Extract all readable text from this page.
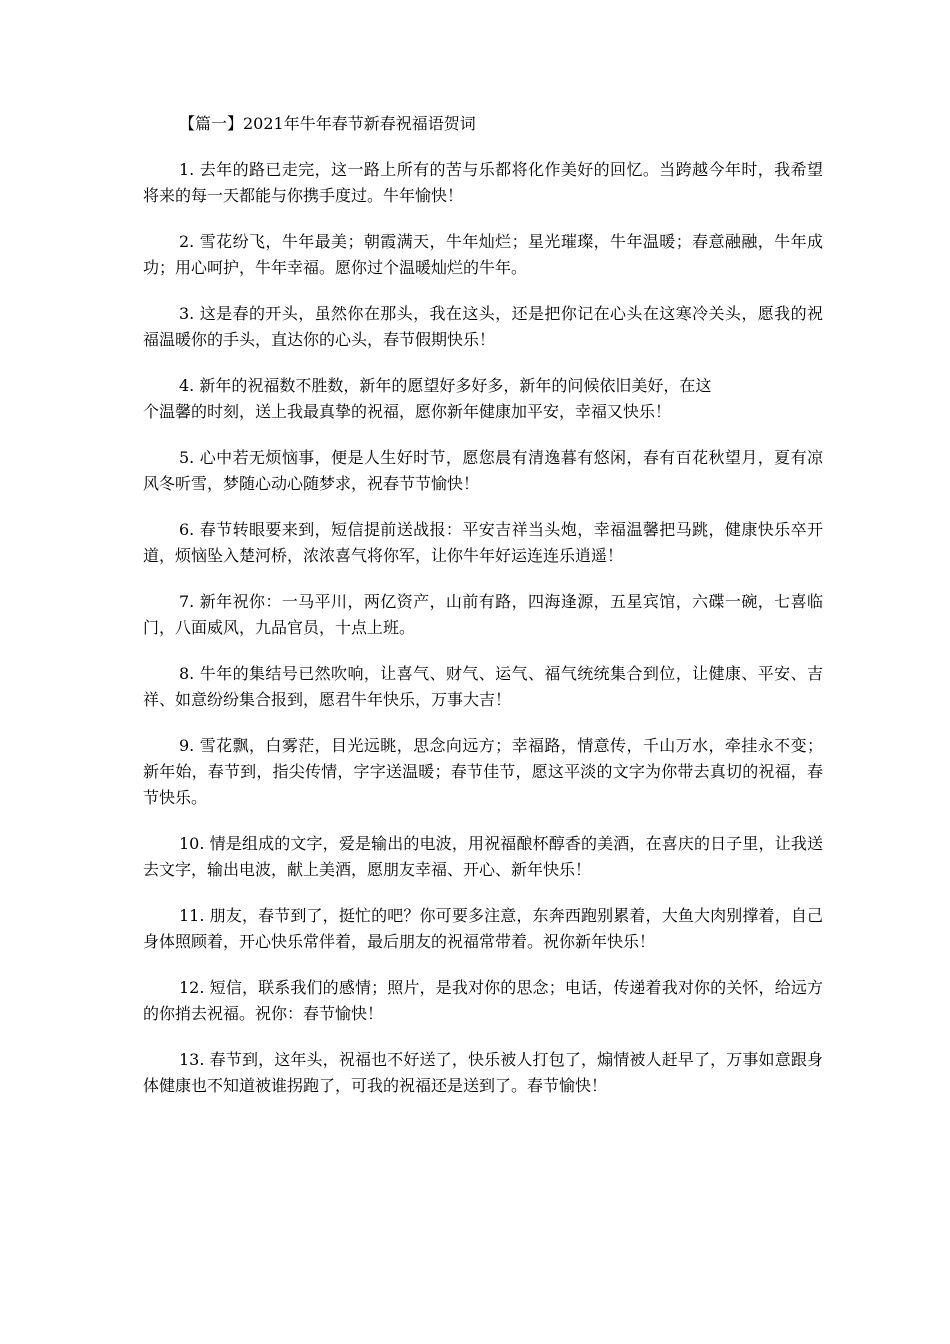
【篇一】2021年牛年春节新春祝福语贺词

1. 去年的路已走完，这一路上所有的苦与乐都将化作美好的回忆。当跨越今年时，我希望将来的每一天都能与你携手度过。牛年愉快！

2. 雪花纷飞，牛年最美；朝霞满天，牛年灿烂；星光璀璨，牛年温暖；春意融融，牛年成功；用心呵护，牛年幸福。愿你过个温暖灿烂的牛年。

3. 这是春的开头，虽然你在那头，我在这头，还是把你记在心头在这寒冷关头，愿我的祝福温暖你的手头，直达你的心头，春节假期快乐！

4. 新年的祝福数不胜数，新年的愿望好多好多，新年的问候依旧美好，在这
个温馨的时刻，送上我最真挚的祝福，愿你新年健康加平安，幸福又快乐！

5. 心中若无烦恼事，便是人生好时节，愿您晨有清逸暮有悠闲，春有百花秋望月，夏有凉风冬听雪，梦随心动心随梦求，祝春节节愉快！

6. 春节转眼要来到，短信提前送战报：平安吉祥当头炮，幸福温馨把马跳，健康快乐卒开道，烦恼坠入楚河桥，浓浓喜气将你军，让你牛年好运连连乐逍遥！

7. 新年祝你：一马平川，两亿资产，山前有路，四海逢源，五星宾馆，六碟一碗，七喜临门，八面威风，九品官员，十点上班。

8. 牛年的集结号已然吹响，让喜气、财气、运气、福气统统集合到位，让健康、平安、吉祥、如意纷纷集合报到，愿君牛年快乐，万事大吉！

9. 雪花飘，白雾茫，目光远眺，思念向远方；幸福路，情意传，千山万水，牵挂永不变；新年始，春节到，指尖传情，字字送温暖；春节佳节，愿这平淡的文字为你带去真切的祝福，春节快乐。

10. 情是组成的文字，爱是输出的电波，用祝福酿杯醇香的美酒，在喜庆的日子里，让我送去文字，输出电波，献上美酒，愿朋友幸福、开心、新年快乐！

11. 朋友，春节到了，挺忙的吧？你可要多注意，东奔西跑别累着，大鱼大肉别撑着，自己身体照顾着，开心快乐常伴着，最后朋友的祝福常带着。祝你新年快乐！

12. 短信，联系我们的感情；照片，是我对你的思念；电话，传递着我对你的关怀，给远方的你捎去祝福。祝你：春节愉快！

13. 春节到，这年头，祝福也不好送了，快乐被人打包了，煽情被人赶早了，万事如意跟身体健康也不知道被谁拐跑了，可我的祝福还是送到了。春节愉快！
